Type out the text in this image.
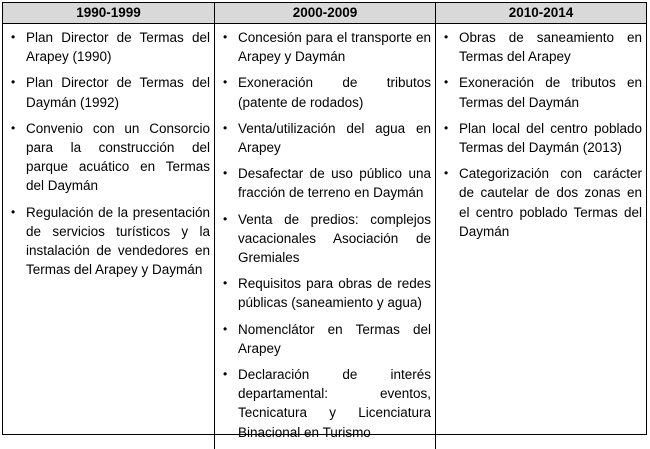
1990-1999	2000-2009	2010-2014
• Plan Director de Termas del Arapey (1990)
• Plan Director de Termas del Daymán (1992)
• Convenio con un Consorcio para la construcción del parque acuático en Termas del Daymán
• Regulación de la presentación de servicios turísticos y la instalación de vendedores en Termas del Arapey y Daymán
• Concesión para el transporte en Arapey y Daymán
• Exoneración de tributos (patente de rodados)
• Venta/utilización del agua en Arapey
• Desafectar de uso público una fracción de terreno en Daymán
• Venta de predios: complejos vacacionales Asociación de Gremiales
• Requisitos para obras de redes públicas (saneamiento y agua)
• Nomenclátor en Termas del Arapey
• Declaración de interés departamental: eventos, Tecnicatura y Licenciatura Binacional en Turismo
• Obras de saneamiento en Termas del Arapey
• Exoneración de tributos en Termas del Daymán
• Plan local del centro poblado Termas del Daymán (2013)
• Categorización con carácter de cautelar de dos zonas en el centro poblado Termas del Daymán
